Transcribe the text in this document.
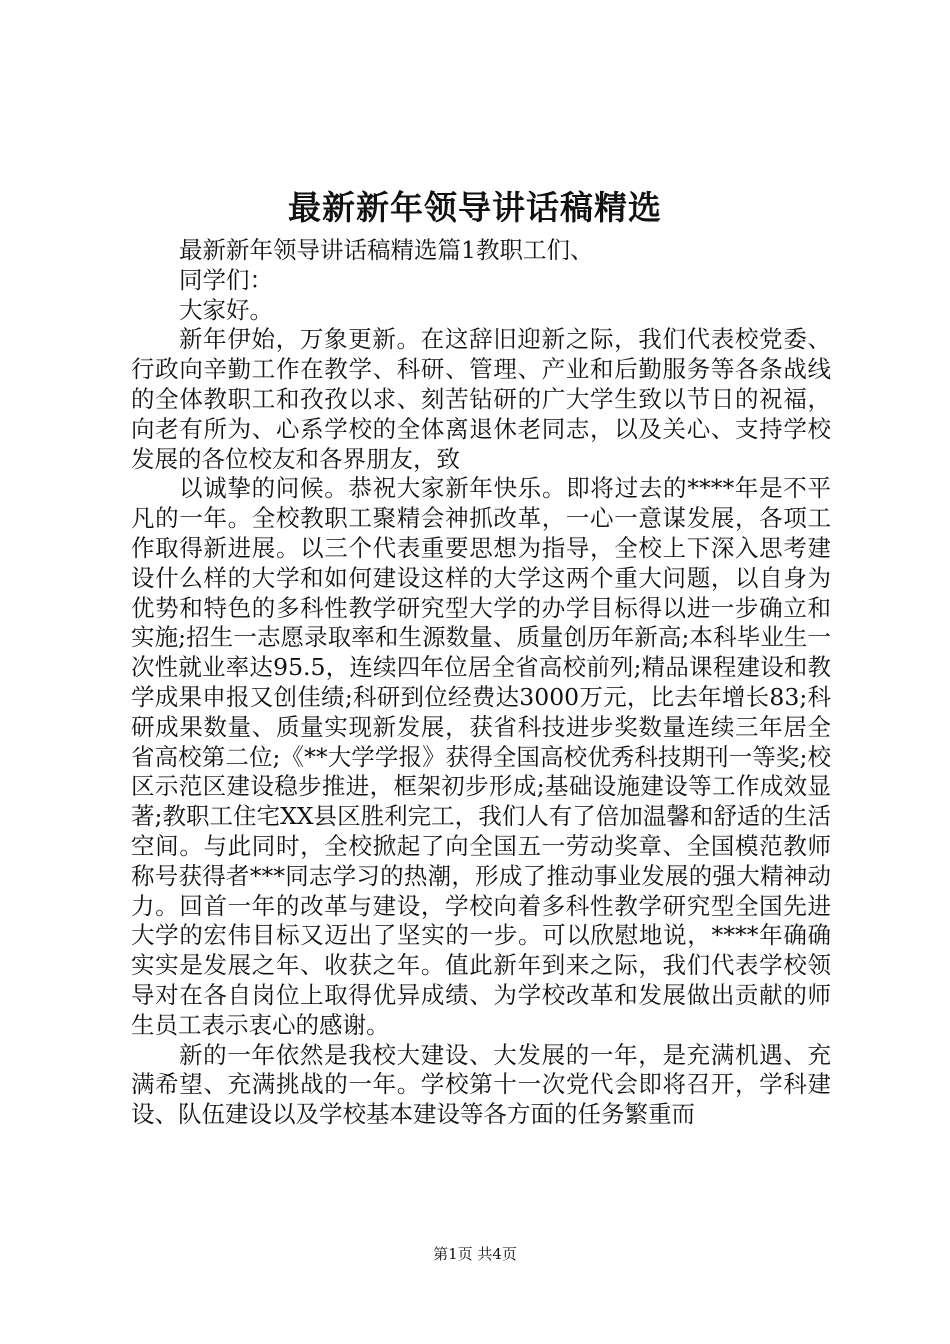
最新新年领导讲话稿精选

最新新年领导讲话稿精选篇1教职工们、

同学们：

大家好。

新年伊始，万象更新。在这辞旧迎新之际，我们代表校党委、行政向辛勤工作在教学、科研、管理、产业和后勤服务等各条战线的全体教职工和孜孜以求、刻苦钻研的广大学生致以节日的祝福，向老有所为、心系学校的全体离退休老同志，以及关心、支持学校发展的各位校友和各界朋友，致

以诚挚的问候。恭祝大家新年快乐。即将过去的****年是不平凡的一年。全校教职工聚精会神抓改革，一心一意谋发展，各项工作取得新进展。以三个代表重要思想为指导，全校上下深入思考建设什么样的大学和如何建设这样的大学这两个重大问题，以自身为优势和特色的多科性教学研究型大学的办学目标得以进一步确立和实施;招生一志愿录取率和生源数量、质量创历年新高;本科毕业生一次性就业率达95.5，连续四年位居全省高校前列;精品课程建设和教学成果申报又创佳绩;科研到位经费达3000万元，比去年增长83;科研成果数量、质量实现新发展，获省科技进步奖数量连续三年居全省高校第二位;《**大学学报》获得全国高校优秀科技期刊一等奖;校区示范区建设稳步推进，框架初步形成;基础设施建设等工作成效显著;教职工住宅XX县区胜利完工，我们人有了倍加温馨和舒适的生活空间。与此同时，全校掀起了向全国五一劳动奖章、全国模范教师称号获得者***同志学习的热潮，形成了推动事业发展的强大精神动力。回首一年的改革与建设，学校向着多科性教学研究型全国先进大学的宏伟目标又迈出了坚实的一步。可以欣慰地说，****年确确实实是发展之年、收获之年。值此新年到来之际，我们代表学校领导对在各自岗位上取得优异成绩、为学校改革和发展做出贡献的师生员工表示衷心的感谢。

新的一年依然是我校大建设、大发展的一年，是充满机遇、充满希望、充满挑战的一年。学校第十一次党代会即将召开，学科建设、队伍建设以及学校基本建设等各方面的任务繁重而

第1页 共4页
